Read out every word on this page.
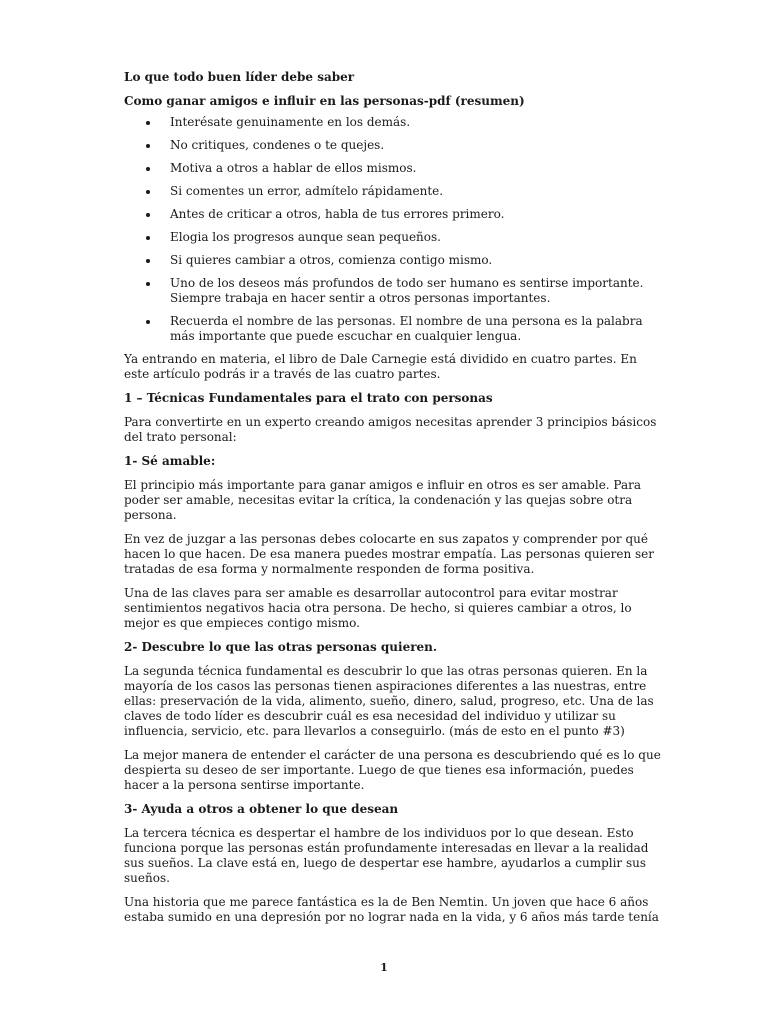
Lo que todo buen líder debe saber

Como ganar amigos e influir en las personas-pdf (resumen)

Interésate genuinamente en los demás.
No critiques, condenes o te quejes.
Motiva a otros a hablar de ellos mismos.
Si comentes un error, admítelo rápidamente.
Antes de criticar a otros, habla de tus errores primero.
Elogia los progresos aunque sean pequeños.
Si quieres cambiar a otros, comienza contigo mismo.
Uno de los deseos más profundos de todo ser humano es sentirse importante. Siempre trabaja en hacer sentir a otros personas importantes.
Recuerda el nombre de las personas. El nombre de una persona es la palabra más importante que puede escuchar en cualquier lengua.

Ya entrando en materia, el libro de Dale Carnegie está dividido en cuatro partes. En este artículo podrás ir a través de las cuatro partes.

1 – Técnicas Fundamentales para el trato con personas

Para convertirte en un experto creando amigos necesitas aprender 3 principios básicos del trato personal:

1- Sé amable:

El principio más importante para ganar amigos e influir en otros es ser amable. Para poder ser amable, necesitas evitar la crítica, la condenación y las quejas sobre otra persona.

En vez de juzgar a las personas debes colocarte en sus zapatos y comprender por qué hacen lo que hacen. De esa manera puedes mostrar empatía. Las personas quieren ser tratadas de esa forma y normalmente responden de forma positiva.

Una de las claves para ser amable es desarrollar autocontrol para evitar mostrar sentimientos negativos hacia otra persona. De hecho, si quieres cambiar a otros, lo mejor es que empieces contigo mismo.

2- Descubre lo que las otras personas quieren.

La segunda técnica fundamental es descubrir lo que las otras personas quieren. En la mayoría de los casos las personas tienen aspiraciones diferentes a las nuestras, entre ellas: preservación de la vida, alimento, sueño, dinero, salud, progreso, etc. Una de las claves de todo líder es descubrir cuál es esa necesidad del individuo y utilizar su influencia, servicio, etc. para llevarlos a conseguirlo. (más de esto en el punto #3)

La mejor manera de entender el carácter de una persona es descubriendo qué es lo que despierta su deseo de ser importante. Luego de que tienes esa información, puedes hacer a la persona sentirse importante.

3- Ayuda a otros a obtener lo que desean

La tercera técnica es despertar el hambre de los individuos por lo que desean. Esto funciona porque las personas están profundamente interesadas en llevar a la realidad sus sueños. La clave está en, luego de despertar ese hambre, ayudarlos a cumplir sus sueños.

Una historia que me parece fantástica es la de Ben Nemtin. Un joven que hace 6 años estaba sumido en una depresión por no lograr nada en la vida, y 6 años más tarde tenía

1
